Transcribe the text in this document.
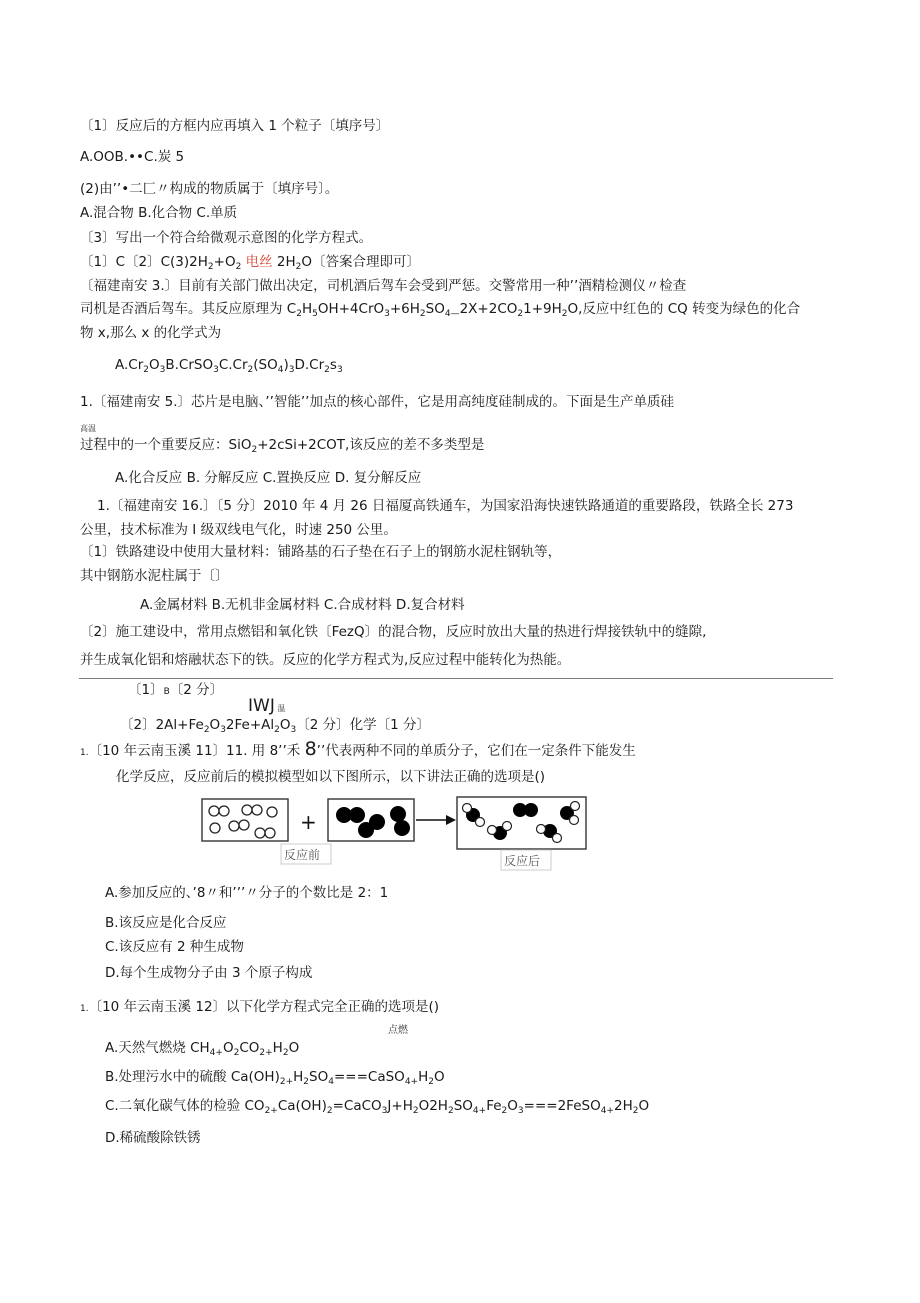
〔1〕反应后的方框内应再填入 1 个粒子〔填序号〕
A.OOB.••C.炭 5
(2)由’’•二匚〃构成的物质属于〔填序号〕。
A.混合物 B.化合物 C.单质
〔3〕写出一个符合给微观示意图的化学方程式。
〔1〕C〔2〕$C(3)2H_2+O_2$ 电丝 $2H_2O$〔答案合理即可〕
〔福建南安 3.〕目前有关部门做出决定，司机酒后驾车会受到严惩。交警常用一种’’酒精检测仪〃检查
司机是否酒后驾车。其反应原理为 $C_2H_5OH+4CrO_3+6H_2SO_{4—}2X+2CO_21+9H_2O$,反应中红色的 CQ 转变为绿色的化合
物 x,那么 x 的化学式为
$A.Cr_2O_3B.CrSO_3C.Cr_2(SO_4)_3D.Cr_2s_3$
1.〔福建南安 5.〕芯片是电脑、’’智能’’加点的核心部件，它是用高纯度硅制成的。下面是生产单质硅
高温
过程中的一个重要反应：SiO$_2$+2cSi+2COT,该反应的差不多类型是
A.化合反应 B. 分解反应 C.置换反应 D. 复分解反应
1.〔福建南安 16.〕〔5 分〕2010 年 4 月 26 日福厦高铁通车，为国家沿海快速铁路通道的重要路段，铁路全长 273
公里，技术标准为 I 级双线电气化，时速 250 公里。
〔1〕铁路建设中使用大量材料：铺路基的石子垫在石子上的钢筋水泥柱钢轨等，
其中钢筋水泥柱属于〔〕
A.金属材料 B.无机非金属材料 C.合成材料 D.复合材料
〔2〕施工建设中，常用点燃铝和氧化铁〔FezQ〕的混合物，反应时放出大量的热进行焊接铁轨中的缝隙,
并生成氧化铝和熔融状态下的铁。反应的化学方程式为,反应过程中能转化为热能。
〔1〕B〔2 分〕
IWJ 温
〔2〕$2Al+Fe_2O_32Fe+Al_2O_3$〔2 分〕化学〔1 分〕
1.〔10 年云南玉溪 11〕11. 用 8’’禾 8’’代表两种不同的单质分子，它们在一定条件下能发生
化学反应，反应前后的模拟模型如以下图所示，以下讲法正确的选项是()
+
反应前	反应后
A.参加反应的、’8〃和’’’〃分子的个数比是 2：1
B.该反应是化合反应
C.该反应有 2 种生成物
D.每个生成物分子由 3 个原子构成
1.〔10 年云南玉溪 12〕以下化学方程式完全正确的选项是()
点燃
A.天然气燃烧 $CH_{4+}O_2CO_{2+}H_2O$
B.处理污水中的硫酸 $Ca(OH)_{2+}H_2SO_4===CaSO_{4+}H_2O$
C.二氧化碳气体的检验 $CO_{2+}Ca(OH)_2=CaCO_3J+H_2O2H_2SO_{4+}Fe_2O_3===2FeSO_{4+}2H_2O$
D.稀硫酸除铁锈
